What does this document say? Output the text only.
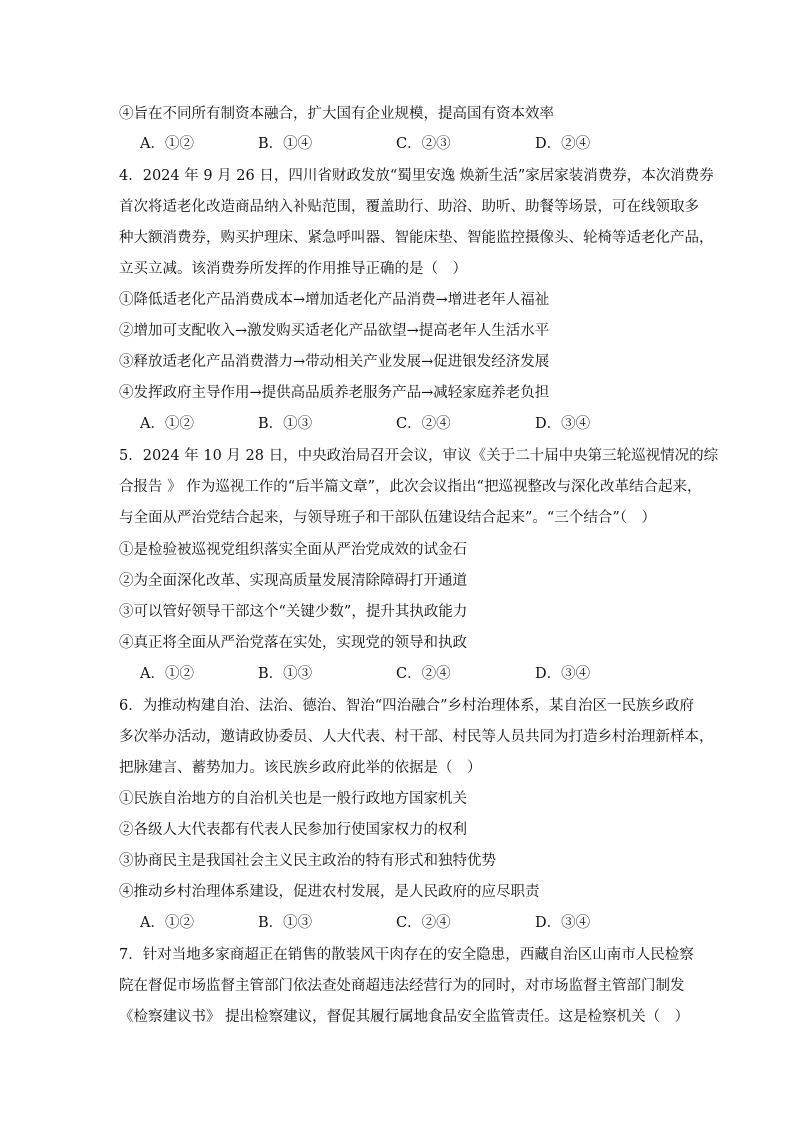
④旨在不同所有制资本融合，扩大国有企业规模，提高国有资本效率
A．①②	B．①④	C．②③	D．②④
4．2024 年 9 月 26 日，四川省财政发放“蜀里安逸 焕新生活”家居家装消费券，本次消费券
首次将适老化改造商品纳入补贴范围，覆盖助行、助浴、助听、助餐等场景，可在线领取多
种大额消费券，购买护理床、紧急呼叫器、智能床垫、智能监控摄像头、轮椅等适老化产品，
立买立减。该消费券所发挥的作用推导正确的是（　）
①降低适老化产品消费成本→增加适老化产品消费→增进老年人福祉
②增加可支配收入→激发购买适老化产品欲望→提高老年人生活水平
③释放适老化产品消费潜力→带动相关产业发展→促进银发经济发展
④发挥政府主导作用→提供高品质养老服务产品→减轻家庭养老负担
A．①②	B．①③	C．②④	D．③④
5．2024 年 10 月 28 日，中央政治局召开会议，审议《关于二十届中央第三轮巡视情况的综
合报告 》 作为巡视工作的“后半篇文章”，此次会议指出“把巡视整改与深化改革结合起来，
与全面从严治党结合起来，与领导班子和干部队伍建设结合起来”。“三个结合”（　）
①是检验被巡视党组织落实全面从严治党成效的试金石
②为全面深化改革、实现高质量发展清除障碍打开通道
③可以管好领导干部这个“关键少数”，提升其执政能力
④真正将全面从严治党落在实处，实现党的领导和执政
A．①②	B．①③	C．②④	D．③④
6．为推动构建自治、法治、德治、智治“四治融合”乡村治理体系，某自治区一民族乡政府
多次举办活动，邀请政协委员、人大代表、村干部、村民等人员共同为打造乡村治理新样本，
把脉建言、蓄势加力。该民族乡政府此举的依据是（　）
①民族自治地方的自治机关也是一般行政地方国家机关
②各级人大代表都有代表人民参加行使国家权力的权利
③协商民主是我国社会主义民主政治的特有形式和独特优势
④推动乡村治理体系建设，促进农村发展，是人民政府的应尽职责
A．①②	B．①③	C．②④	D．③④
7．针对当地多家商超正在销售的散装风干肉存在的安全隐患，西藏自治区山南市人民检察
院在督促市场监督主管部门依法查处商超违法经营行为的同时，对市场监督主管部门制发
《检察建议书》 提出检察建议，督促其履行属地食品安全监管责任。这是检察机关（　）
